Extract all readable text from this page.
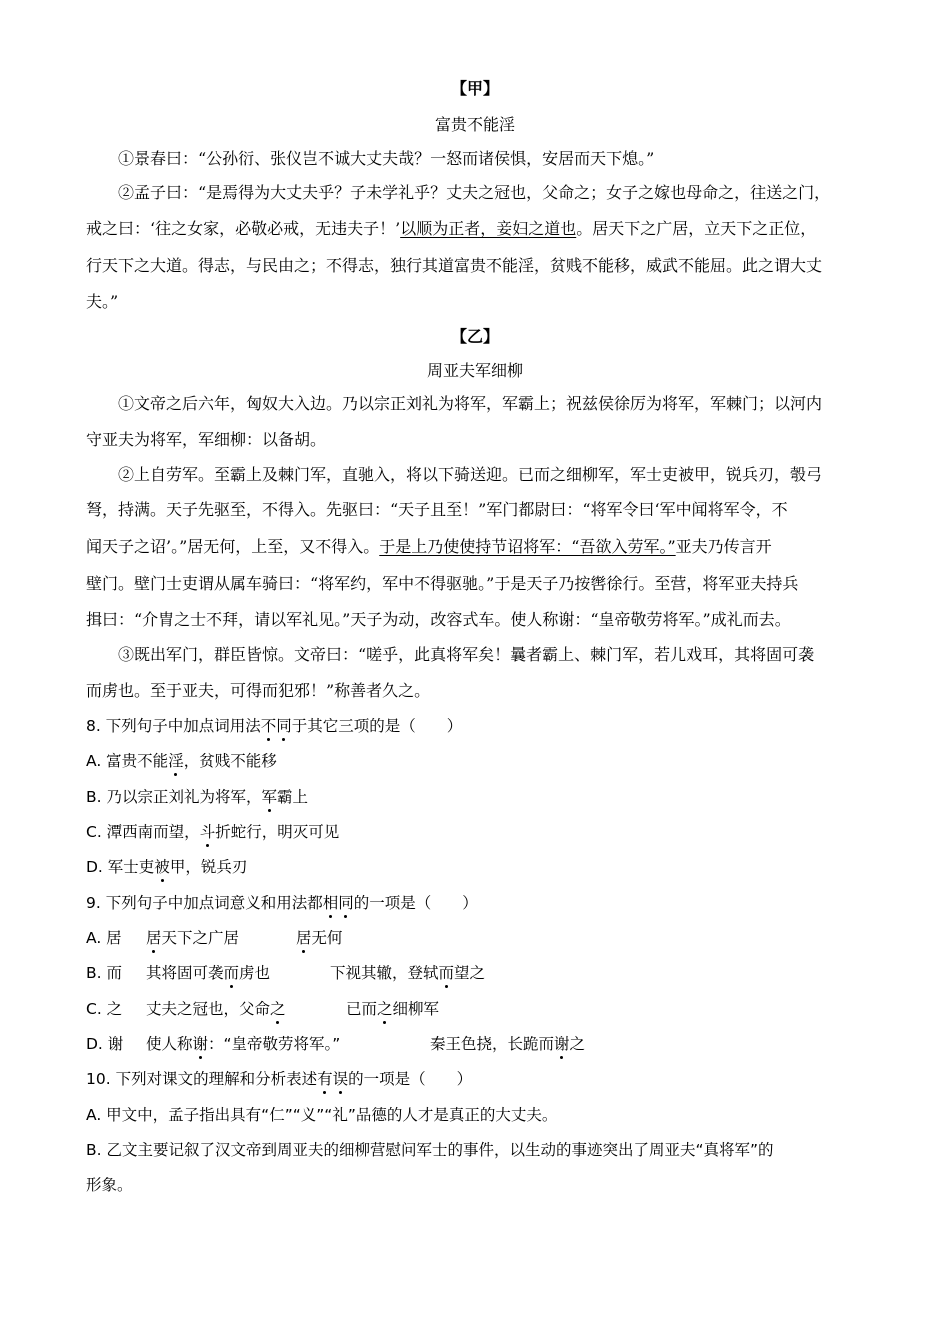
【甲】
富贵不能淫
①景春曰：“公孙衍、张仪岂不诚大丈夫哉？一怒而诸侯惧，安居而天下熄。”
②孟子曰：“是焉得为大丈夫乎？子未学礼乎？丈夫之冠也，父命之；女子之嫁也母命之，往送之门，
戒之曰：‘往之女家，必敬必戒，无违夫子！’以顺为正者，妾妇之道也。居天下之广居，立天下之正位，
行天下之大道。得志，与民由之；不得志，独行其道富贵不能淫，贫贱不能移，威武不能屈。此之谓大丈
夫。”
【乙】
周亚夫军细柳
①文帝之后六年，匈奴大入边。乃以宗正刘礼为将军，军霸上；祝兹侯徐厉为将军，军棘门；以河内
守亚夫为将军，军细柳：以备胡。
②上自劳军。至霸上及棘门军，直驰入，将以下骑送迎。已而之细柳军，军士吏被甲，锐兵刃，彀弓
弩，持满。天子先驱至，不得入。先驱曰：“天子且至！”军门都尉曰：“将军令曰‘军中闻将军令，不
闻天子之诏’。”居无何，上至，又不得入。于是上乃使使持节诏将军：“吾欲入劳军。”亚夫乃传言开
壁门。壁门士吏谓从属车骑曰：“将军约，军中不得驱驰。”于是天子乃按辔徐行。至营，将军亚夫持兵
揖曰：“介胄之士不拜，请以军礼见。”天子为动，改容式车。使人称谢：“皇帝敬劳将军。”成礼而去。
③既出军门，群臣皆惊。文帝曰：“嗟乎，此真将军矣！曩者霸上、棘门军，若儿戏耳，其将固可袭
而虏也。至于亚夫，可得而犯邪！”称善者久之。
8. 下列句子中加点词用法不同于其它三项的是（　　）
A. 富贵不能淫，贫贱不能移
B. 乃以宗正刘礼为将军，军霸上
C. 潭西南而望，斗折蛇行，明灭可见
D. 军士吏被甲，锐兵刃
9. 下列句子中加点词意义和用法都相同的一项是（　　）
A. 居 居天下之广居	居无何
B. 而 其将固可袭而虏也	下视其辙，登轼而望之
C. 之 丈夫之冠也，父命之	已而之细柳军
D. 谢 使人称谢：“皇帝敬劳将军。”	秦王色挠，长跪而谢之
10. 下列对课文的理解和分析表述有误的一项是（　　）
A. 甲文中，孟子指出具有“仁”“义”“礼”品德的人才是真正的大丈夫。
B. 乙文主要记叙了汉文帝到周亚夫的细柳营慰问军士的事件，以生动的事迹突出了周亚夫“真将军”的
形象。
